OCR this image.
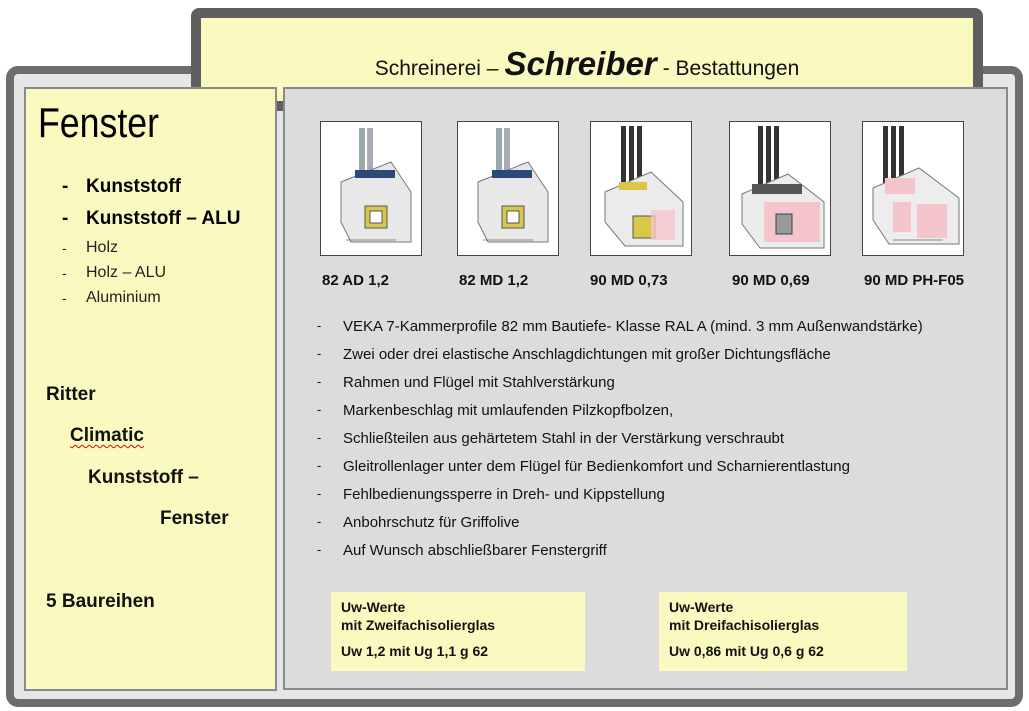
Schreinerei – Schreiber - Bestattungen
Fenster
- Kunststoff
- Kunststoff – ALU
-	Holz
-	Holz – ALU
-	Aluminium
Ritter
Climatic
Kunststoff –
Fenster
5 Baureihen
82 AD 1,2	82 MD 1,2	90 MD 0,73	90 MD 0,69	90 MD PH-F05
-	VEKA 7-Kammerprofile 82 mm Bautiefe- Klasse RAL A (mind. 3 mm Außenwandstärke)
-	Zwei oder drei elastische Anschlagdichtungen mit großer Dichtungsfläche
-	Rahmen und Flügel mit Stahlverstärkung
-	Markenbeschlag mit umlaufenden Pilzkopfbolzen,
-	Schließteilen aus gehärtetem Stahl in der Verstärkung verschraubt
-	Gleitrollenlager unter dem Flügel für Bedienkomfort und Scharnierentlastung
-	Fehlbedienungssperre in Dreh- und Kippstellung
-	Anbohrschutz für Griffolive
-	Auf Wunsch abschließbarer Fenstergriff
Uw-Werte
mit Zweifachisolierglas
Uw 1,2 mit Ug 1,1 g 62
Uw-Werte
mit Dreifachisolierglas
Uw 0,86 mit Ug 0,6 g 62
